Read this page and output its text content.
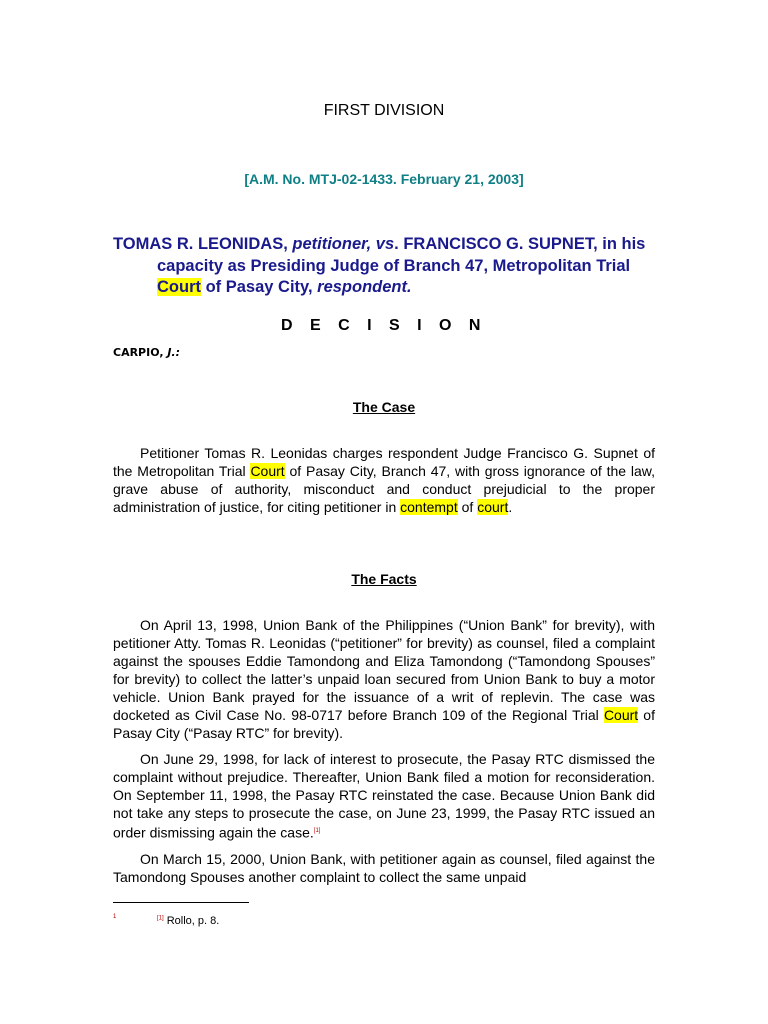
FIRST DIVISION
[A.M. No. MTJ-02-1433. February 21, 2003]
TOMAS R. LEONIDAS, petitioner, vs. FRANCISCO G. SUPNET, in his capacity as Presiding Judge of Branch 47, Metropolitan Trial Court of Pasay City, respondent.
D E C I S I O N
CARPIO, J.:
The Case
Petitioner Tomas R. Leonidas charges respondent Judge Francisco G. Supnet of the Metropolitan Trial Court of Pasay City, Branch 47, with gross ignorance of the law, grave abuse of authority, misconduct and conduct prejudicial to the proper administration of justice, for citing petitioner in contempt of court.
The Facts
On April 13, 1998, Union Bank of the Philippines (“Union Bank” for brevity), with petitioner Atty. Tomas R. Leonidas (“petitioner” for brevity) as counsel, filed a complaint against the spouses Eddie Tamondong and Eliza Tamondong (“Tamondong Spouses” for brevity) to collect the latter’s unpaid loan secured from Union Bank to buy a motor vehicle. Union Bank prayed for the issuance of a writ of replevin. The case was docketed as Civil Case No. 98-0717 before Branch 109 of the Regional Trial Court of Pasay City (“Pasay RTC” for brevity).
On June 29, 1998, for lack of interest to prosecute, the Pasay RTC dismissed the complaint without prejudice. Thereafter, Union Bank filed a motion for reconsideration. On September 11, 1998, the Pasay RTC reinstated the case. Because Union Bank did not take any steps to prosecute the case, on June 23, 1999, the Pasay RTC issued an order dismissing again the case.[1]
On March 15, 2000, Union Bank, with petitioner again as counsel, filed against the Tamondong Spouses another complaint to collect the same unpaid
1	[1] Rollo, p. 8.
